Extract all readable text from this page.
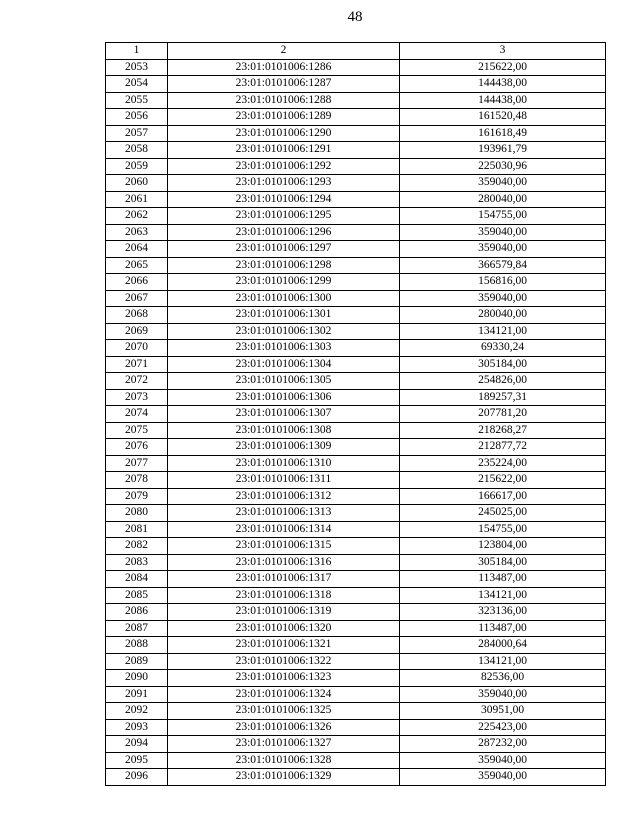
48
1	2	3
2053	23:01:0101006:1286	215622,00
2054	23:01:0101006:1287	144438,00
2055	23:01:0101006:1288	144438,00
2056	23:01:0101006:1289	161520,48
2057	23:01:0101006:1290	161618,49
2058	23:01:0101006:1291	193961,79
2059	23:01:0101006:1292	225030,96
2060	23:01:0101006:1293	359040,00
2061	23:01:0101006:1294	280040,00
2062	23:01:0101006:1295	154755,00
2063	23:01:0101006:1296	359040,00
2064	23:01:0101006:1297	359040,00
2065	23:01:0101006:1298	366579,84
2066	23:01:0101006:1299	156816,00
2067	23:01:0101006:1300	359040,00
2068	23:01:0101006:1301	280040,00
2069	23:01:0101006:1302	134121,00
2070	23:01:0101006:1303	69330,24
2071	23:01:0101006:1304	305184,00
2072	23:01:0101006:1305	254826,00
2073	23:01:0101006:1306	189257,31
2074	23:01:0101006:1307	207781,20
2075	23:01:0101006:1308	218268,27
2076	23:01:0101006:1309	212877,72
2077	23:01:0101006:1310	235224,00
2078	23:01:0101006:1311	215622,00
2079	23:01:0101006:1312	166617,00
2080	23:01:0101006:1313	245025,00
2081	23:01:0101006:1314	154755,00
2082	23:01:0101006:1315	123804,00
2083	23:01:0101006:1316	305184,00
2084	23:01:0101006:1317	113487,00
2085	23:01:0101006:1318	134121,00
2086	23:01:0101006:1319	323136,00
2087	23:01:0101006:1320	113487,00
2088	23:01:0101006:1321	284000,64
2089	23:01:0101006:1322	134121,00
2090	23:01:0101006:1323	82536,00
2091	23:01:0101006:1324	359040,00
2092	23:01:0101006:1325	30951,00
2093	23:01:0101006:1326	225423,00
2094	23:01:0101006:1327	287232,00
2095	23:01:0101006:1328	359040,00
2096	23:01:0101006:1329	359040,00
